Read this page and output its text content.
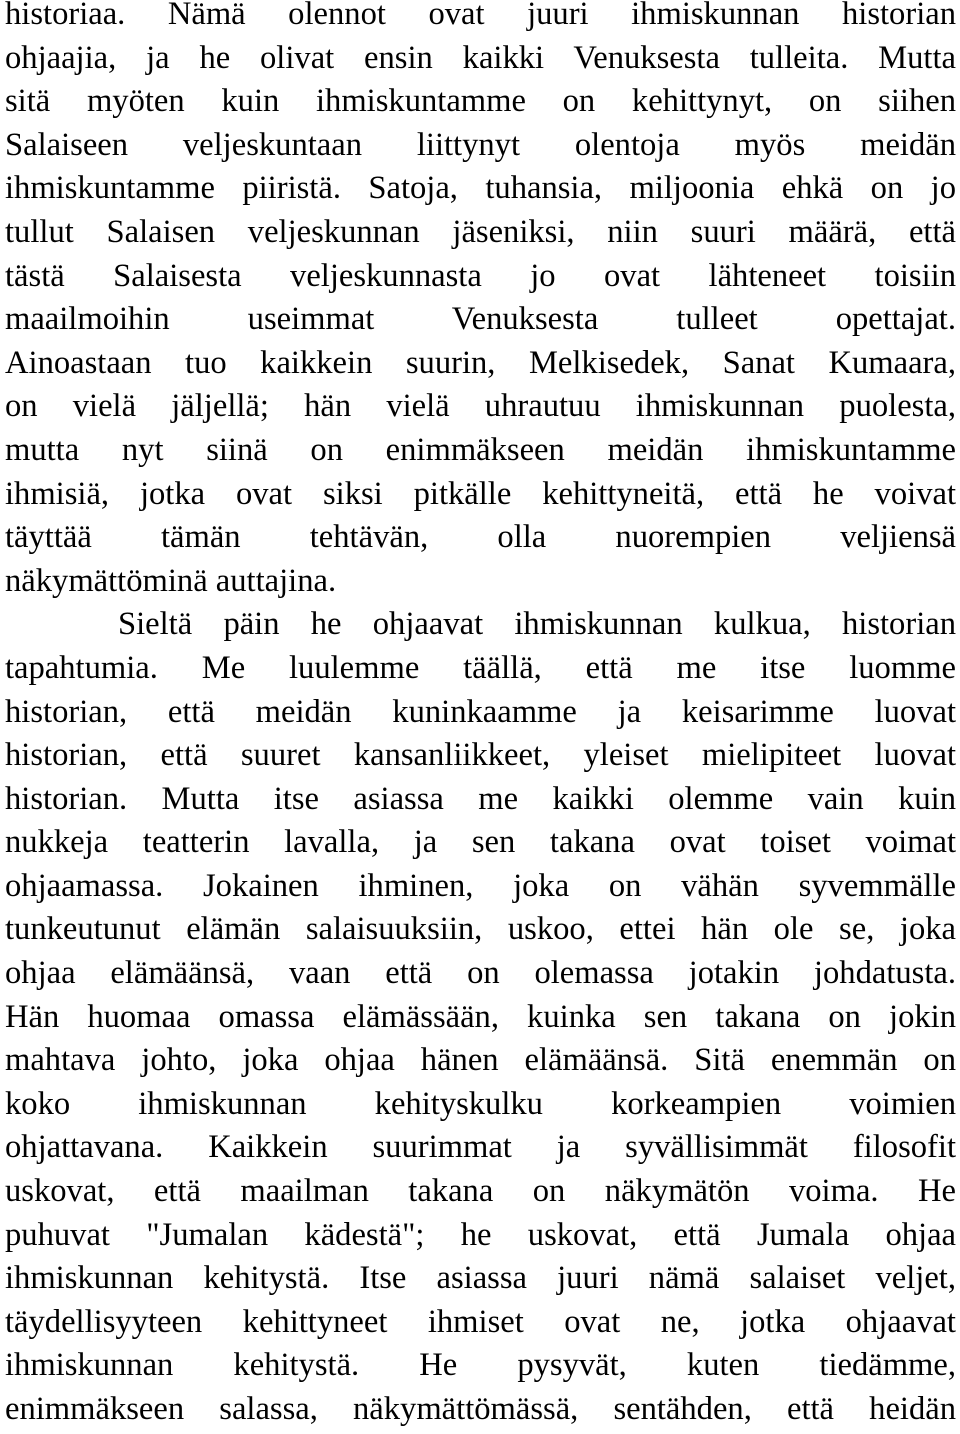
historiaa. Nämä olennot ovat juuri ihmiskunnan historian
ohjaajia, ja he olivat ensin kaikki Venuksesta tulleita. Mutta
sitä myöten kuin ihmiskuntamme on kehittynyt, on siihen
Salaiseen veljeskuntaan liittynyt olentoja myös meidän
ihmiskuntamme piiristä. Satoja, tuhansia, miljoonia ehkä on jo
tullut Salaisen veljeskunnan jäseniksi, niin suuri määrä, että
tästä Salaisesta veljeskunnasta jo ovat lähteneet toisiin
maailmoihin useimmat Venuksesta tulleet opettajat.
Ainoastaan tuo kaikkein suurin, Melkisedek, Sanat Kumaara,
on vielä jäljellä; hän vielä uhrautuu ihmiskunnan puolesta,
mutta nyt siinä on enimmäkseen meidän ihmiskuntamme
ihmisiä, jotka ovat siksi pitkälle kehittyneitä, että he voivat
täyttää tämän tehtävän, olla nuorempien veljiensä
näkymättöminä auttajina.
Sieltä päin he ohjaavat ihmiskunnan kulkua, historian
tapahtumia. Me luulemme täällä, että me itse luomme
historian, että meidän kuninkaamme ja keisarimme luovat
historian, että suuret kansanliikkeet, yleiset mielipiteet luovat
historian. Mutta itse asiassa me kaikki olemme vain kuin
nukkeja teatterin lavalla, ja sen takana ovat toiset voimat
ohjaamassa. Jokainen ihminen, joka on vähän syvemmälle
tunkeutunut elämän salaisuuksiin, uskoo, ettei hän ole se, joka
ohjaa elämäänsä, vaan että on olemassa jotakin johdatusta.
Hän huomaa omassa elämässään, kuinka sen takana on jokin
mahtava johto, joka ohjaa hänen elämäänsä. Sitä enemmän on
koko ihmiskunnan kehityskulku korkeampien voimien
ohjattavana. Kaikkein suurimmat ja syvällisimmät filosofit
uskovat, että maailman takana on näkymätön voima. He
puhuvat "Jumalan kädestä"; he uskovat, että Jumala ohjaa
ihmiskunnan kehitystä. Itse asiassa juuri nämä salaiset veljet,
täydellisyyteen kehittyneet ihmiset ovat ne, jotka ohjaavat
ihmiskunnan kehitystä. He pysyvät, kuten tiedämme,
enimmäkseen salassa, näkymättömässä, sentähden, että heidän
